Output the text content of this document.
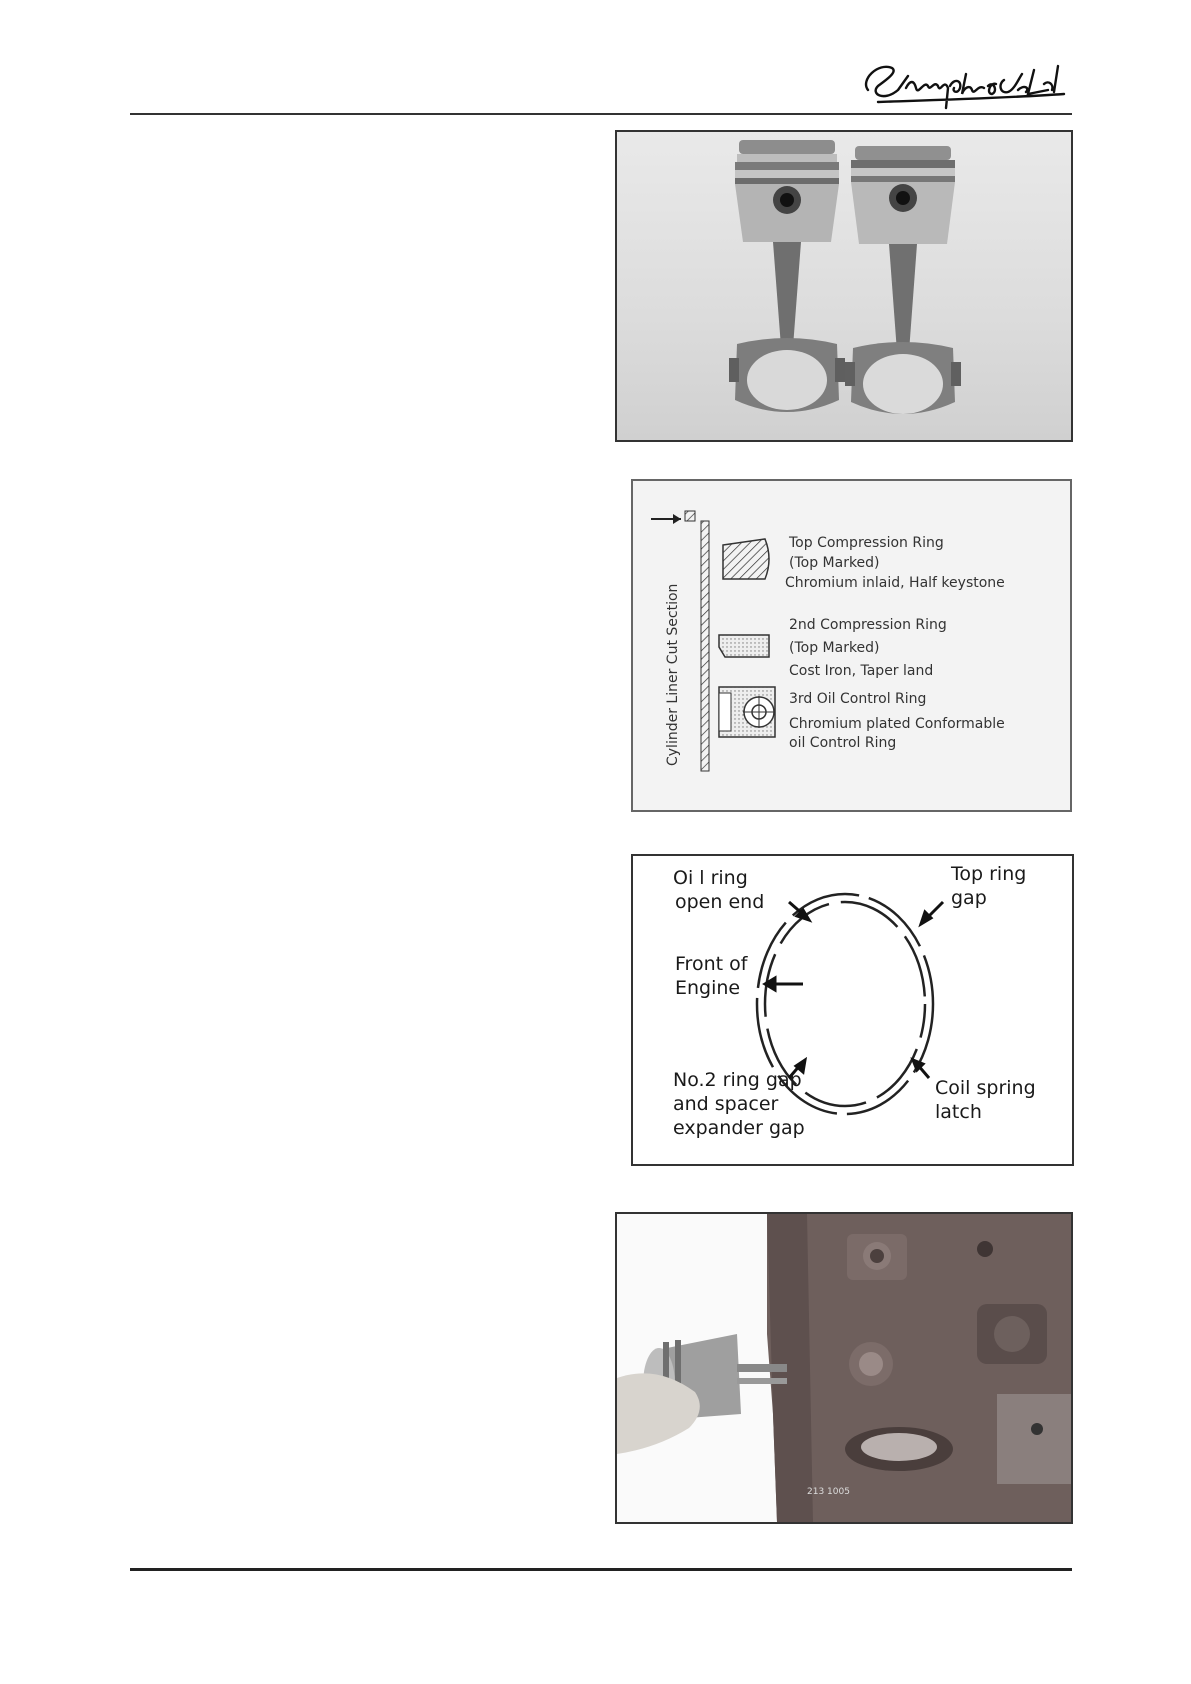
Cylinder Liner Cut Section
Top Compression Ring
(Top Marked)
Chromium inlaid, Half keystone
2nd Compression Ring
(Top Marked)
Cost Iron, Taper land
3rd Oil Control Ring
Chromium plated Conformable
oil Control Ring
Oi l ring
open end
Top ring
gap
Front of
Engine
No.2 ring gap
and spacer
expander gap
Coil spring
latch
213 1005
